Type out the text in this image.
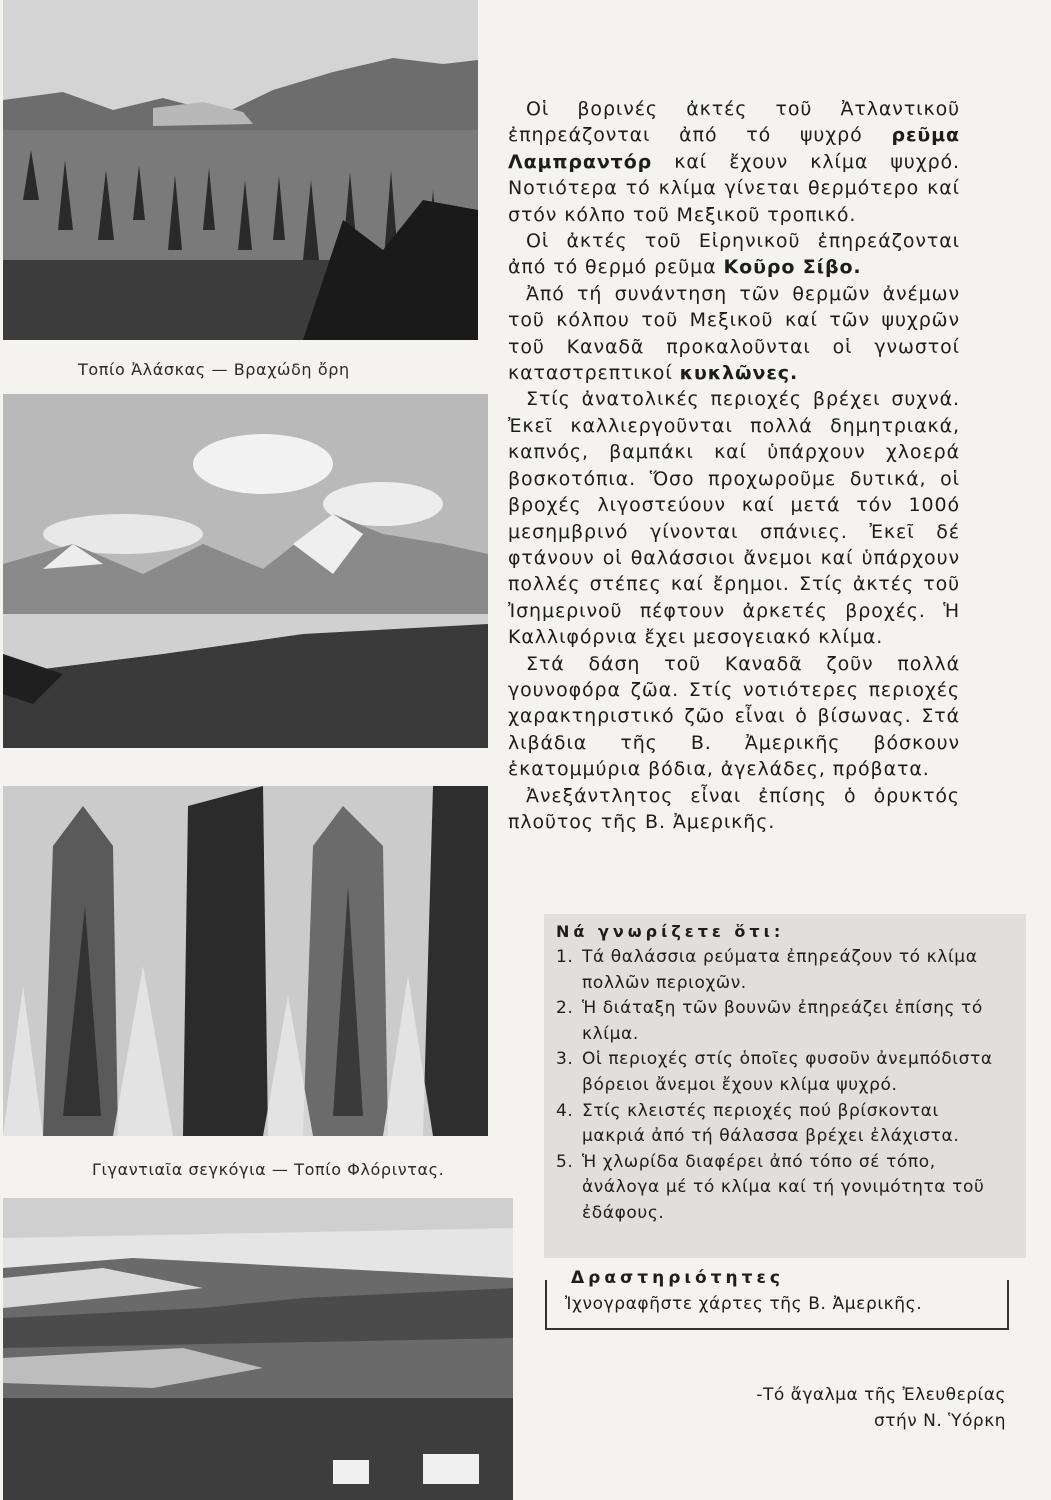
Τοπίο Ἀλάσκας — Βραχώδη ὄρη
Γιγαντιαῖα σεγκόγια — Τοπίο Φλόριντας.

Οἱ βορινές ἀκτές τοῦ Ἀτλαντικοῦ ἐπηρεάζονται ἀπό τό ψυχρό ρεῦμα Λαμπραντόρ καί ἔχουν κλίμα ψυχρό. Νοτιότερα τό κλίμα γίνεται θερμότερο καί στόν κόλπο τοῦ Μεξικοῦ τροπικό.

Οἱ ἀκτές τοῦ Εἰρηνικοῦ ἐπηρεάζονται ἀπό τό θερμό ρεῦμα Κοῦρο Σίβο.

Ἀπό τή συνάντηση τῶν θερμῶν ἀνέμων τοῦ κόλπου τοῦ Μεξικοῦ καί τῶν ψυχρῶν τοῦ Καναδᾶ προκαλοῦνται οἱ γνωστοί καταστρεπτικοί κυκλῶνες.

Στίς ἀνατολικές περιοχές βρέχει συχνά. Ἐκεῖ καλλιεργοῦνται πολλά δημητριακά, καπνός, βαμπάκι καί ὑπάρχουν χλοερά βοσκοτόπια. Ὅσο προχωροῦμε δυτικά, οἱ βροχές λιγοστεύουν καί μετά τόν 100ό μεσημβρινό γίνονται σπάνιες. Ἐκεῖ δέ φτάνουν οἱ θαλάσσιοι ἄνεμοι καί ὑπάρχουν πολλές στέπες καί ἔρημοι. Στίς ἀκτές τοῦ Ἰσημερινοῦ πέφτουν ἀρκετές βροχές. Ἡ Καλλιφόρνια ἔχει μεσογειακό κλίμα.

Στά δάση τοῦ Καναδᾶ ζοῦν πολλά γουνοφόρα ζῶα. Στίς νοτιότερες περιοχές χαρακτηριστικό ζῶο εἶναι ὁ βίσωνας. Στά λιβάδια τῆς Β. Ἀμερικῆς βόσκουν ἑκατομμύρια βόδια, ἀγελάδες, πρόβατα.

Ἀνεξάντλητος εἶναι ἐπίσης ὁ ὀρυκτός πλοῦτος τῆς Β. Ἀμερικῆς.

Νά γνωρίζετε ὅτι:
1. Τά θαλάσσια ρεύματα ἐπηρεάζουν τό κλίμα πολλῶν περιοχῶν.
2. Ἡ διάταξη τῶν βουνῶν ἐπηρεάζει ἐπίσης τό κλίμα.
3. Οἱ περιοχές στίς ὁποῖες φυσοῦν ἀνεμπόδιστα βόρειοι ἄνεμοι ἔχουν κλίμα ψυχρό.
4. Στίς κλειστές περιοχές πού βρίσκονται μακριά ἀπό τή θάλασσα βρέχει ἐλάχιστα.
5. Ἡ χλωρίδα διαφέρει ἀπό τόπο σέ τόπο, ἀνάλογα μέ τό κλίμα καί τή γονιμότητα τοῦ ἐδάφους.
Δραστηριότητες
Ἰχνογραφῆστε χάρτες τῆς Β. Ἀμερικῆς.
-Τό ἄγαλμα τῆς Ἐλευθερίας
στήν Ν. Ὑόρκη
